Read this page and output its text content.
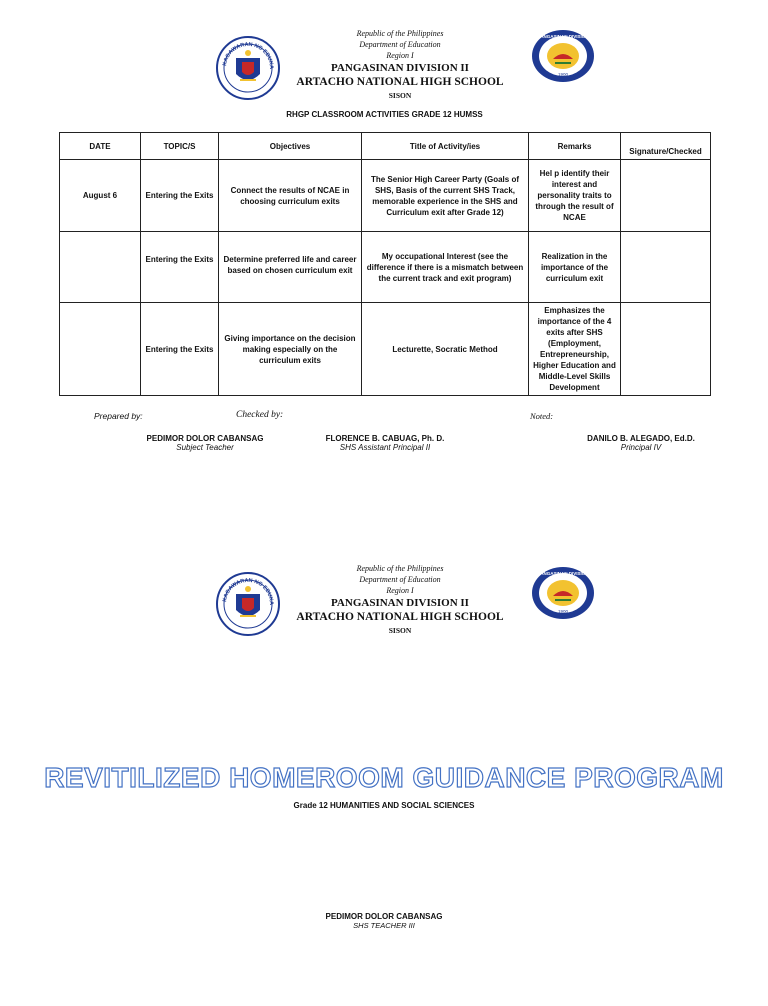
KAGAWARAN NG EDUKA
PANGASINAN DIVISION
1900
Republic of the Philippines
Department of Education
Region I
PANGASINAN DIVISION II
ARTACHO NATIONAL HIGH SCHOOL
SISON
RHGP CLASSROOM ACTIVITIES GRADE 12 HUMSS
DATE	TOPIC/S	Objectives	Title of Activity/ies	Remarks	Signature/Checked
August 6	Entering the Exits	Connect the results of NCAE in choosing curriculum exits	The Senior High Career Party (Goals of SHS, Basis of the current SHS Track, memorable experience in the SHS and Curriculum exit after Grade 12)	Hel p identify their interest and personality traits to through the result of NCAE	
	Entering the Exits	Determine preferred life and career based on chosen curriculum exit	My occupational Interest (see the difference if there is a mismatch between the current track and exit program)	Realization in the importance of the curriculum exit	
	Entering the Exits	Giving importance on the decision making especially on the curriculum exits	Lecturette, Socratic Method	Emphasizes the importance of the 4 exits after SHS (Employment, Entrepreneurship, Higher Education and Middle-Level Skills Development	
Prepared by:	Checked by:	Noted:
PEDIMOR DOLOR CABANSAG
Subject Teacher
FLORENCE B. CABUAG, Ph. D.
SHS Assistant Principal II
DANILO B. ALEGADO, Ed.D.
Principal IV
KAGAWARAN NG EDUKA
PANGASINAN DIVISION
1900
Republic of the Philippines
Department of Education
Region I
PANGASINAN DIVISION II
ARTACHO NATIONAL HIGH SCHOOL
SISON
REVITILIZED HOMEROOM GUIDANCE PROGRAM
Grade 12 HUMANITIES AND SOCIAL SCIENCES
PEDIMOR DOLOR CABANSAG
SHS TEACHER III
